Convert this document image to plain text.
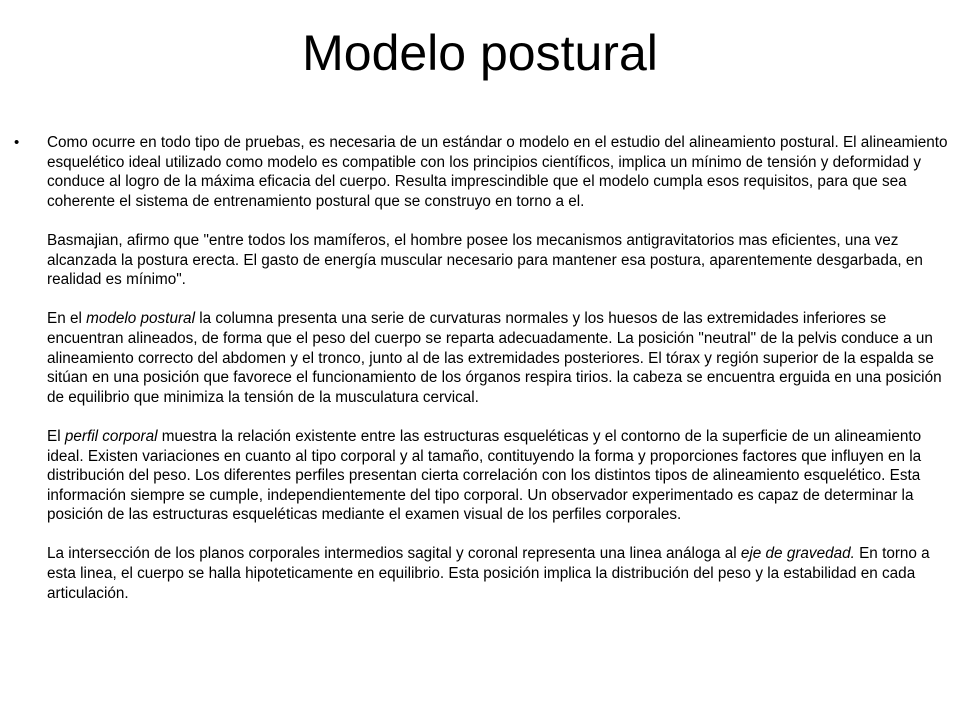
Modelo postural
•	Como ocurre en todo tipo de pruebas, es necesaria de un estándar o modelo en el estudio del alineamiento postural. El alineamiento esquelético ideal utilizado como modelo es compatible con los principios científicos, implica un mínimo de tensión y deformidad y conduce al logro de la máxima eficacia del cuerpo. Resulta imprescindible que el modelo cumpla esos requisitos, para que sea coherente el sistema de entrenamiento postural que se construyo en torno a el.

Basmajian, afirmo que "entre todos los mamíferos, el hombre posee los mecanismos antigravitatorios mas eficientes, una vez alcanzada la postura erecta. El gasto de energía muscular necesario para mantener esa postura, aparentemente desgarbada, en realidad es mínimo".

En el modelo postural la columna presenta una serie de curvaturas normales y los huesos de las extremidades inferiores se encuentran alineados, de forma que el peso del cuerpo se reparta adecuadamente. La posición "neutral" de la pelvis conduce a un alineamiento correcto del abdomen y el tronco, junto al de las extremidades posteriores. El tórax y región superior de la espalda se sitúan en una posición que favorece el funcionamiento de los órganos respira tirios. la cabeza se encuentra erguida en una posición de equilibrio que minimiza la tensión de la musculatura cervical.

El perfil corporal muestra la relación existente entre las estructuras esqueléticas y el contorno de la superficie de un alineamiento ideal. Existen variaciones en cuanto al tipo corporal y al tamaño, contituyendo la forma y proporciones factores que influyen en la distribución del peso. Los diferentes perfiles presentan cierta correlación con los distintos tipos de alineamiento esquelético. Esta información siempre se cumple, independientemente del tipo corporal. Un observador experimentado es capaz de determinar la posición de las estructuras esqueléticas mediante el examen visual de los perfiles corporales.

La intersección de los planos corporales intermedios sagital y coronal representa una linea análoga al eje de gravedad. En torno a esta linea, el cuerpo se halla hipoteticamente en equilibrio. Esta posición implica la distribución del peso y la estabilidad en cada articulación.
